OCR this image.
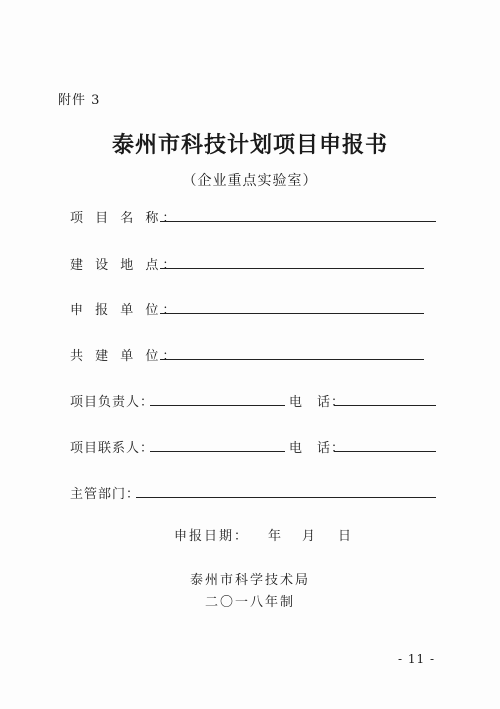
附件 3
泰州市科技计划项目申报书
（企业重点实验室）
项 目 名 称：
建 设 地 点：
申 报 单 位：
共 建 单 位：
项目负责人：	电　话：
项目联系人：	电　话：
主管部门：
申报日期： 年 月 日
泰州市科学技术局
二〇一八年制
- 11 -
